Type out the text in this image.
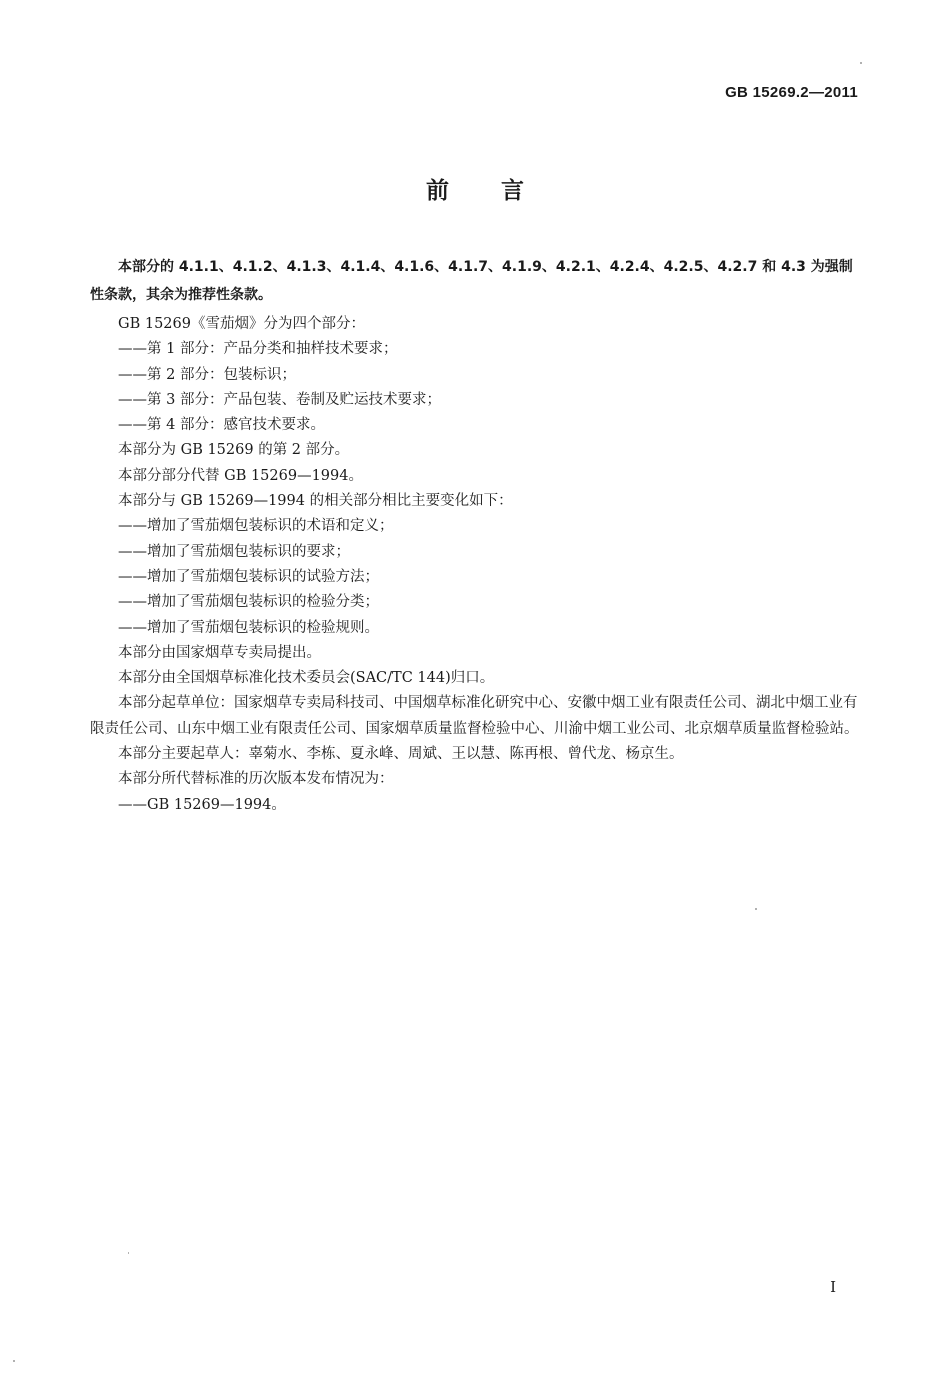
GB 15269.2—2011
前言

本部分的 4.1.1、4.1.2、4.1.3、4.1.4、4.1.6、4.1.7、4.1.9、4.2.1、4.2.4、4.2.5、4.2.7 和 4.3 为强制性条款，其余为推荐性条款。

GB 15269《雪茄烟》分为四个部分：

——第 1 部分：产品分类和抽样技术要求；

——第 2 部分：包装标识；

——第 3 部分：产品包装、卷制及贮运技术要求；

——第 4 部分：感官技术要求。

本部分为 GB 15269 的第 2 部分。

本部分部分代替 GB 15269—1994。

本部分与 GB 15269—1994 的相关部分相比主要变化如下：

——增加了雪茄烟包装标识的术语和定义；

——增加了雪茄烟包装标识的要求；

——增加了雪茄烟包装标识的试验方法；

——增加了雪茄烟包装标识的检验分类；

——增加了雪茄烟包装标识的检验规则。

本部分由国家烟草专卖局提出。

本部分由全国烟草标准化技术委员会(SAC/TC 144)归口。

本部分起草单位：国家烟草专卖局科技司、中国烟草标准化研究中心、安徽中烟工业有限责任公司、湖北中烟工业有限责任公司、山东中烟工业有限责任公司、国家烟草质量监督检验中心、川渝中烟工业公司、北京烟草质量监督检验站。

本部分主要起草人：辜菊水、李栋、夏永峰、周斌、王以慧、陈再根、曾代龙、杨京生。

本部分所代替标准的历次版本发布情况为：

——GB 15269—1994。

I
